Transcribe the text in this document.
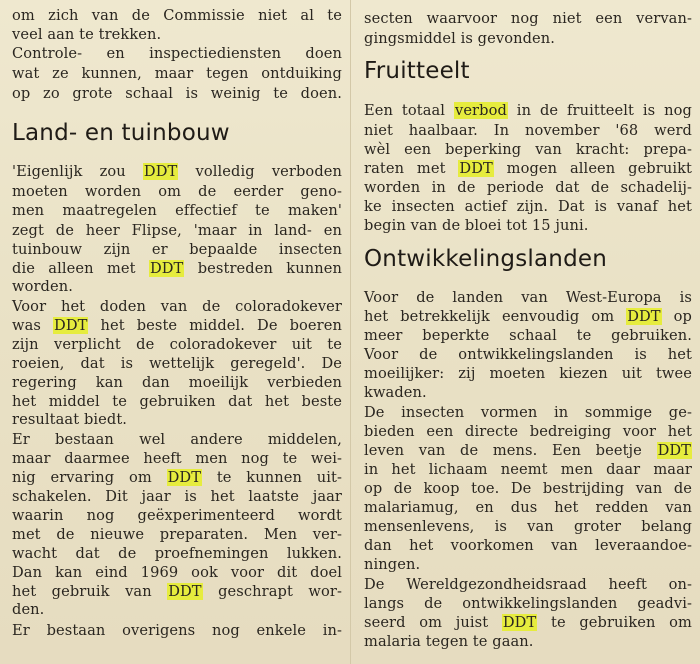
om zich van de Commissie niet al te
veel aan te trekken.
Controle- en inspectiediensten doen
wat ze kunnen, maar tegen ontduiking
op zo grote schaal is weinig te doen.
Land- en tuinbouw
'Eigenlijk zou DDT volledig verboden
moeten worden om de eerder geno-
men maatregelen effectief te maken'
zegt de heer Flipse, 'maar in land- en
tuinbouw zijn er bepaalde insecten
die alleen met DDT bestreden kunnen
worden.
Voor het doden van de coloradokever
was DDT het beste middel. De boeren
zijn verplicht de coloradokever uit te
roeien, dat is wettelijk geregeld'. De
regering kan dan moeilijk verbieden
het middel te gebruiken dat het beste
resultaat biedt.
Er bestaan wel andere middelen,
maar daarmee heeft men nog te wei-
nig ervaring om DDT te kunnen uit-
schakelen. Dit jaar is het laatste jaar
waarin nog geëxperimenteerd wordt
met de nieuwe preparaten. Men ver-
wacht dat de proefnemingen lukken.
Dan kan eind 1969 ook voor dit doel
het gebruik van DDT geschrapt wor-
den.
Er bestaan overigens nog enkele in-
secten waarvoor nog niet een vervan-
gingsmiddel is gevonden.
Fruitteelt
Een totaal verbod in de fruitteelt is nog
niet haalbaar. In november '68 werd
wèl een beperking van kracht: prepa-
raten met DDT mogen alleen gebruikt
worden in de periode dat de schadelij-
ke insecten actief zijn. Dat is vanaf het
begin van de bloei tot 15 juni.
Ontwikkelingslanden
Voor de landen van West-Europa is
het betrekkelijk eenvoudig om DDT op
meer beperkte schaal te gebruiken.
Voor de ontwikkelingslanden is het
moeilijker: zij moeten kiezen uit twee
kwaden.
De insecten vormen in sommige ge-
bieden een directe bedreiging voor het
leven van de mens. Een beetje DDT
in het lichaam neemt men daar maar
op de koop toe. De bestrijding van de
malariamug, en dus het redden van
mensenlevens, is van groter belang
dan het voorkomen van leveraandoe-
ningen.
De Wereldgezondheidsraad heeft on-
langs de ontwikkelingslanden geadvi-
seerd om juist DDT te gebruiken om
malaria tegen te gaan.
